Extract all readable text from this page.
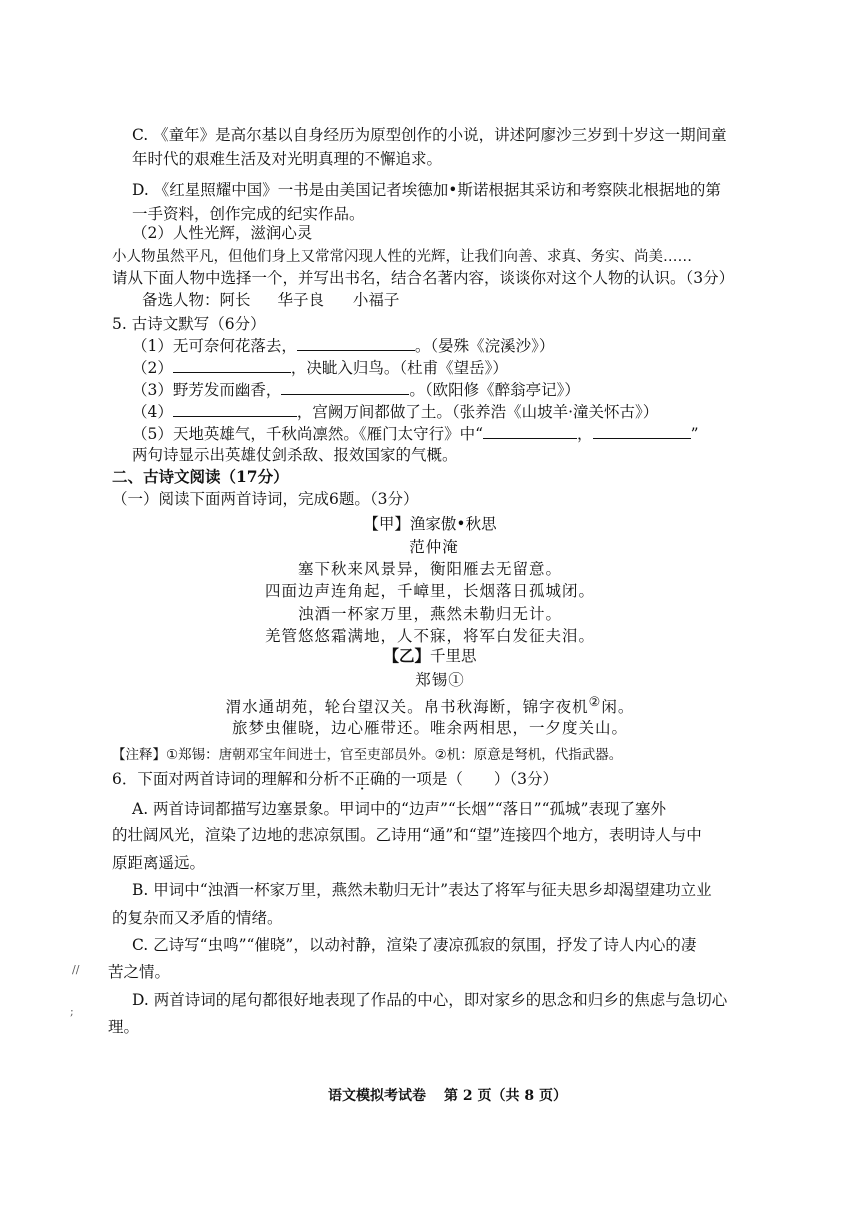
C. 《童年》是高尔基以自身经历为原型创作的小说，讲述阿廖沙三岁到十岁这一期间童
年时代的艰难生活及对光明真理的不懈追求。
D. 《红星照耀中国》一书是由美国记者埃德加•斯诺根据其采访和考察陕北根据地的第
一手资料，创作完成的纪实作品。
（2）人性光辉，滋润心灵
小人物虽然平凡，但他们身上又常常闪现人性的光辉，让我们向善、求真、务实、尚美……
请从下面人物中选择一个，并写出书名，结合名著内容，谈谈你对这个人物的认识。（3分）
备选人物：阿长 华子良 小福子
5. 古诗文默写（6分）
（1）无可奈何花落去，	。（晏殊《浣溪沙》）
（2）	，决眦入归鸟。（杜甫《望岳》）
（3）野芳发而幽香，	。（欧阳修《醉翁亭记》）
（4）	，宫阙万间都做了土。（张养浩《山坡羊·潼关怀古》）
（5）天地英雄气，千秋尚凛然。《雁门太守行》中“	，	”
两句诗显示出英雄仗剑杀敌、报效国家的气概。
二、古诗文阅读（17分）
（一）阅读下面两首诗词，完成6题。（3分）
【甲】渔家傲•秋思
范仲淹
塞下秋来风景异，衡阳雁去无留意。
四面边声连角起，千嶂里，长烟落日孤城闭。
浊酒一杯家万里，燕然未勒归无计。
羌管悠悠霜满地，人不寐，将军白发征夫泪。
【乙】千里思
郑锡①
渭水通胡苑，轮台望汉关。帛书秋海断，锦字夜机②闲。
旅梦虫催晓，边心雁带还。唯余两相思，一夕度关山。
【注释】①郑锡：唐朝邓宝年间进士，官至吏部员外。②机：原意是弩机，代指武器。
6．下面对两首诗词的理解和分析不正确的一项是（　　）（3分）
A. 两首诗词都描写边塞景象。甲词中的“边声”“长烟”“落日”“孤城”表现了塞外
的壮阔风光，渲染了边地的悲凉氛围。乙诗用“通”和“望”连接四个地方，表明诗人与中
原距离遥远。
B. 甲词中“浊酒一杯家万里，燕然未勒归无计”表达了将军与征夫思乡却渴望建功立业
的复杂而又矛盾的情绪。
C. 乙诗写“虫鸣”“催晓”，以动衬静，渲染了凄凉孤寂的氛围，抒发了诗人内心的凄
苦之情。
D. 两首诗词的尾句都很好地表现了作品的中心，即对家乡的思念和归乡的焦虑与急切心
理。
//
;
语文模拟考试卷 第 2 页（共 8 页）
